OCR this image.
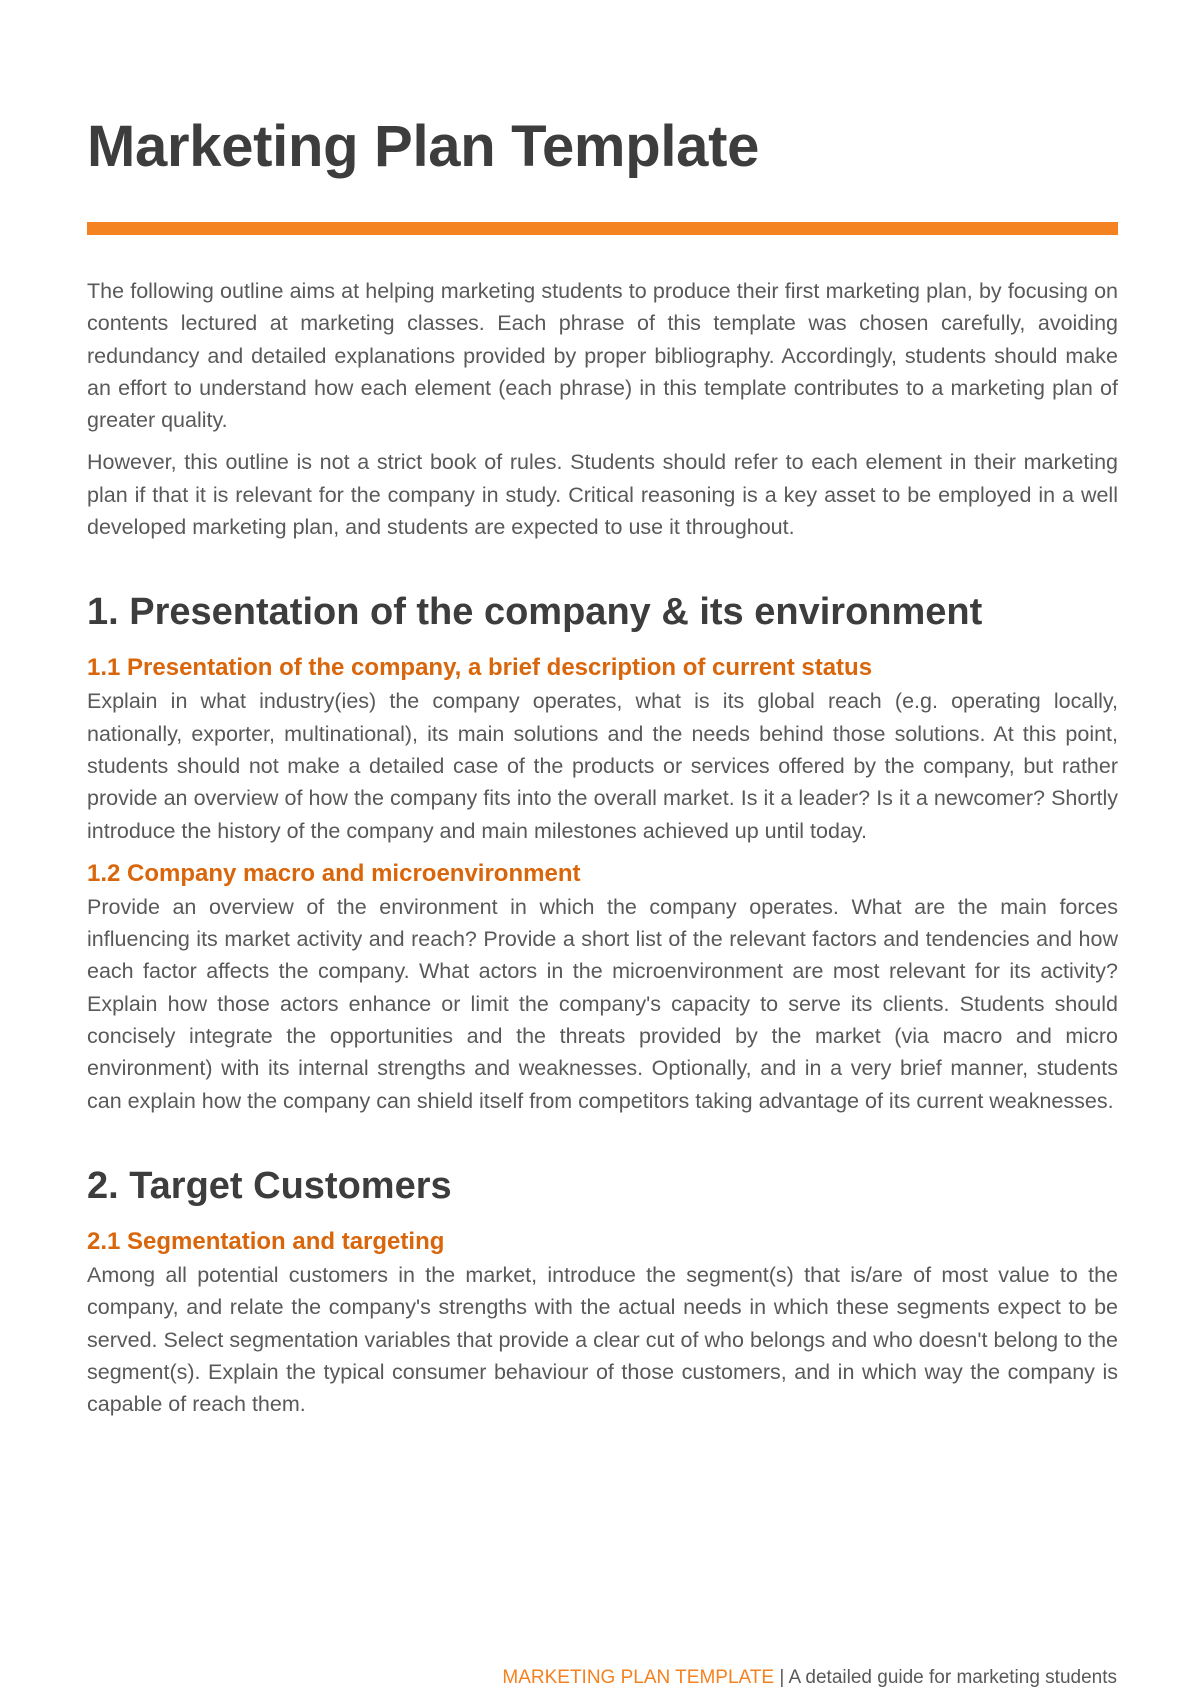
Marketing Plan Template

The following outline aims at helping marketing students to produce their first marketing plan, by focusing on contents lectured at marketing classes. Each phrase of this template was chosen carefully, avoiding redundancy and detailed explanations provided by proper bibliography. Accordingly, students should make an effort to understand how each element (each phrase) in this template contributes to a marketing plan of greater quality.

However, this outline is not a strict book of rules. Students should refer to each element in their marketing plan if that it is relevant for the company in study. Critical reasoning is a key asset to be employed in a well developed marketing plan, and students are expected to use it throughout.

1. Presentation of the company & its environment
1.1 Presentation of the company, a brief description of current status

Explain in what industry(ies) the company operates, what is its global reach (e.g. operating locally, nationally, exporter, multinational), its main solutions and the needs behind those solutions. At this point, students should not make a detailed case of the products or services offered by the company, but rather provide an overview of how the company fits into the overall market. Is it a leader? Is it a newcomer? Shortly introduce the history of the company and main milestones achieved up until today.

1.2 Company macro and microenvironment

Provide an overview of the environment in which the company operates. What are the main forces influencing its market activity and reach? Provide a short list of the relevant factors and tendencies and how each factor affects the company. What actors in the microenvironment are most relevant for its activity? Explain how those actors enhance or limit the company's capacity to serve its clients. Students should concisely integrate the opportunities and the threats provided by the market (via macro and micro environment) with its internal strengths and weaknesses. Optionally, and in a very brief manner, students can explain how the company can shield itself from competitors taking advantage of its current weaknesses.

2. Target Customers
2.1 Segmentation and targeting

Among all potential customers in the market, introduce the segment(s) that is/are of most value to the company, and relate the company's strengths with the actual needs in which these segments expect to be served. Select segmentation variables that provide a clear cut of who belongs and who doesn't belong to the segment(s). Explain the typical consumer behaviour of those customers, and in which way the company is capable of reach them.

MARKETING PLAN TEMPLATE | A detailed guide for marketing students
